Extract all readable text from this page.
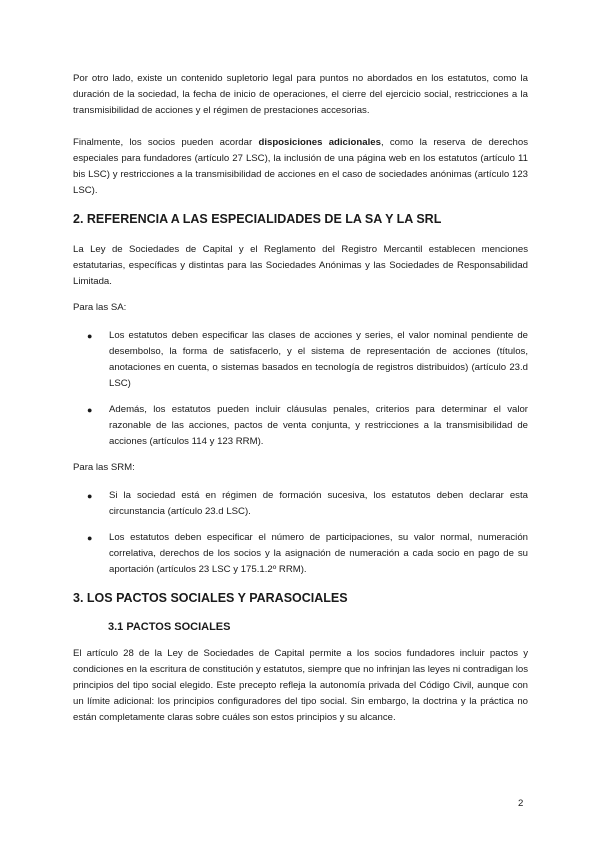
Por otro lado, existe un contenido supletorio legal para puntos no abordados en los estatutos, como la duración de la sociedad, la fecha de inicio de operaciones, el cierre del ejercicio social, restricciones a la transmisibilidad de acciones y el régimen de prestaciones accesorias.

Finalmente, los socios pueden acordar disposiciones adicionales, como la reserva de derechos especiales para fundadores (artículo 27 LSC), la inclusión de una página web en los estatutos (artículo 11 bis LSC) y restricciones a la transmisibilidad de acciones en el caso de sociedades anónimas (artículo 123 LSC).

2. REFERENCIA A LAS ESPECIALIDADES DE LA SA Y LA SRL

La Ley de Sociedades de Capital y el Reglamento del Registro Mercantil establecen menciones estatutarias, específicas y distintas para las Sociedades Anónimas y las Sociedades de Responsabilidad Limitada.

Para las SA:

● Los estatutos deben especificar las clases de acciones y series, el valor nominal pendiente de desembolso, la forma de satisfacerlo, y el sistema de representación de acciones (títulos, anotaciones en cuenta, o sistemas basados en tecnología de registros distribuidos) (artículo 23.d LSC)

● Además, los estatutos pueden incluir cláusulas penales, criterios para determinar el valor razonable de las acciones, pactos de venta conjunta, y restricciones a la transmisibilidad de acciones (artículos 114 y 123 RRM).

Para las SRM:

● Si la sociedad está en régimen de formación sucesiva, los estatutos deben declarar esta circunstancia (artículo 23.d LSC).

● Los estatutos deben especificar el número de participaciones, su valor normal, numeración correlativa, derechos de los socios y la asignación de numeración a cada socio en pago de su aportación (artículos 23 LSC y 175.1.2º RRM).

3. LOS PACTOS SOCIALES Y PARASOCIALES
3.1 PACTOS SOCIALES

El artículo 28 de la Ley de Sociedades de Capital permite a los socios fundadores incluir pactos y condiciones en la escritura de constitución y estatutos, siempre que no infrinjan las leyes ni contradigan los principios del tipo social elegido. Este precepto refleja la autonomía privada del Código Civil, aunque con un límite adicional: los principios configuradores del tipo social. Sin embargo, la doctrina y la práctica no están completamente claras sobre cuáles son estos principios y su alcance.

2
